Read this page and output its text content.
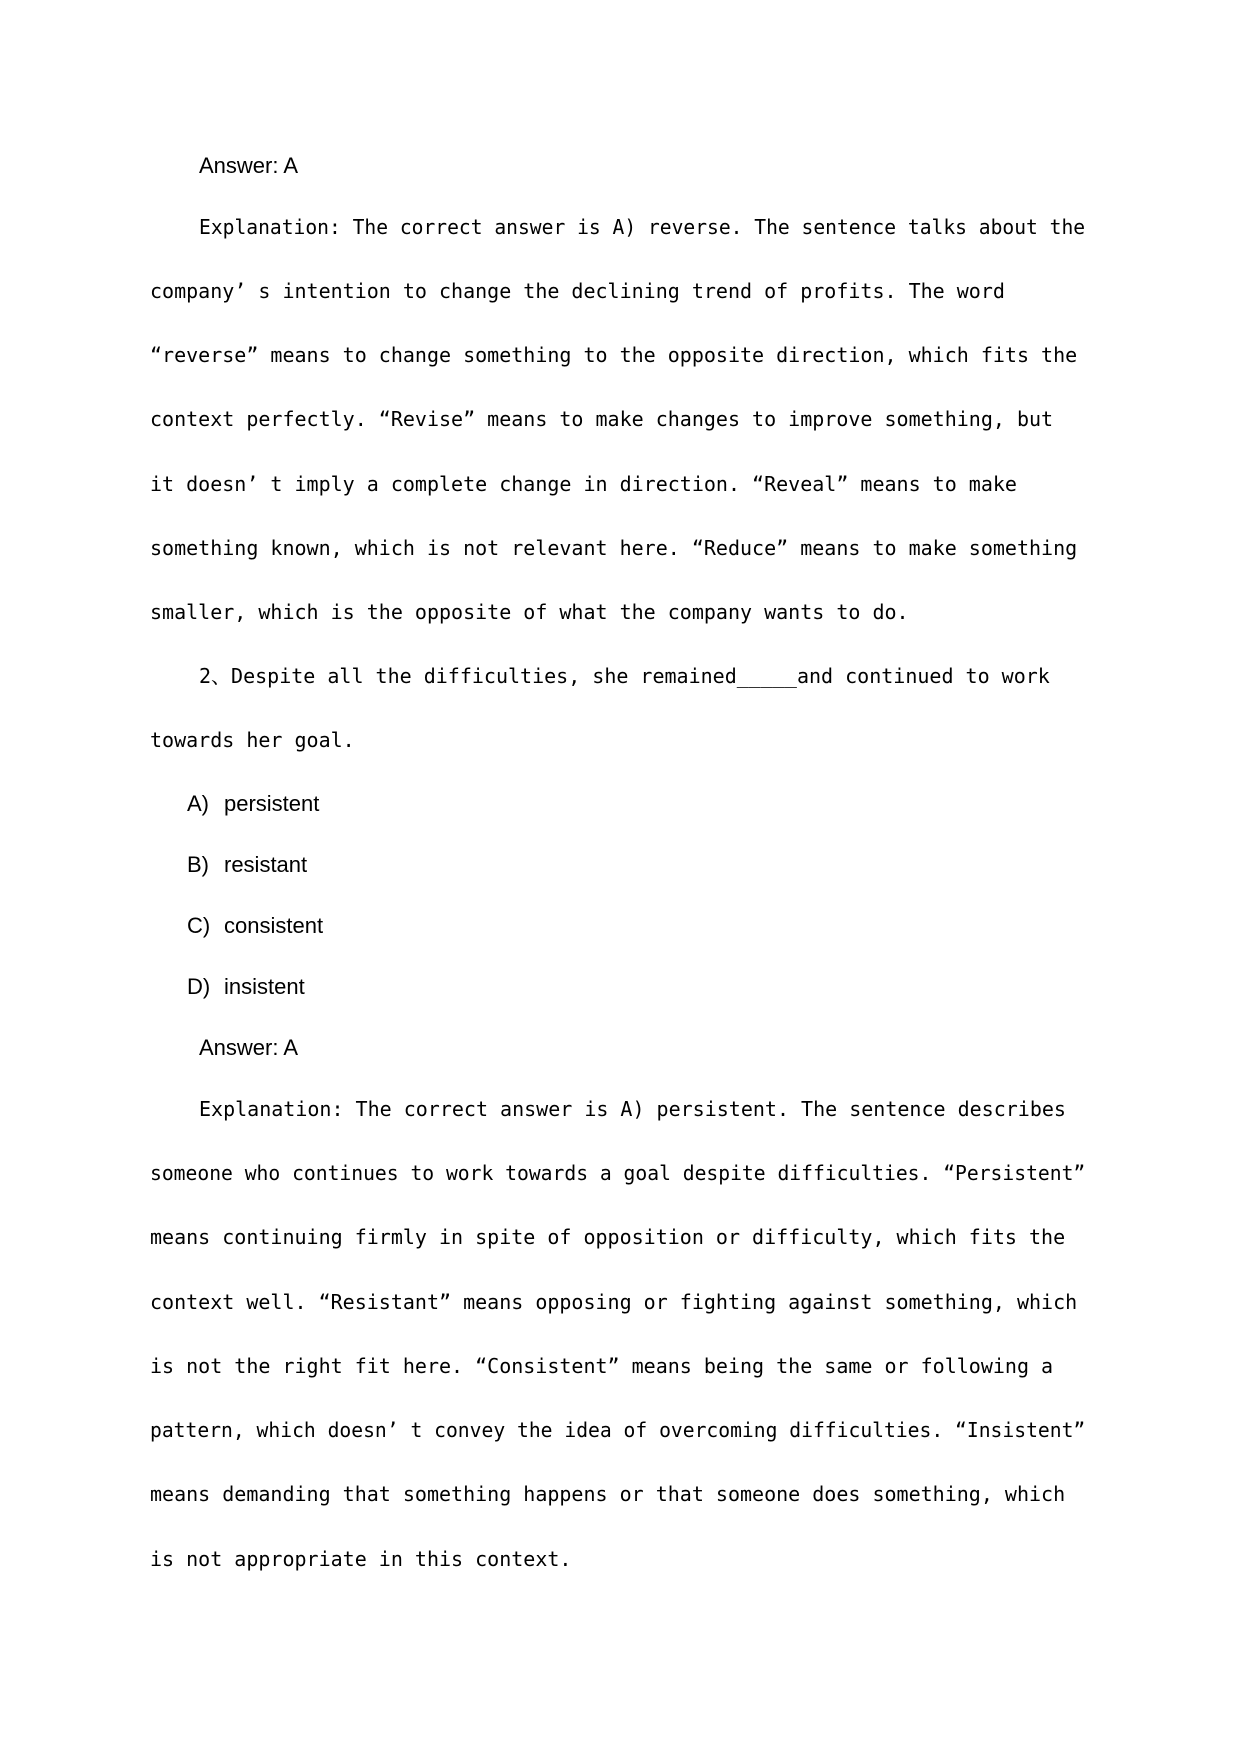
Answer: A
Explanation: The correct answer is A) reverse. The sentence talks about the
company’ s intention to change the declining trend of profits. The word
“reverse” means to change something to the opposite direction, which fits the
context perfectly. “Revise” means to make changes to improve something, but
it doesn’ t imply a complete change in direction. “Reveal” means to make
something known, which is not relevant here. “Reduce” means to make something
smaller, which is the opposite of what the company wants to do.
2、Despite all the difficulties, she remained_____and continued to work
towards her goal.
A) persistent
B) resistant
C) consistent
D) insistent
Answer: A
Explanation: The correct answer is A) persistent. The sentence describes
someone who continues to work towards a goal despite difficulties. “Persistent”
means continuing firmly in spite of opposition or difficulty, which fits the
context well. “Resistant” means opposing or fighting against something, which
is not the right fit here. “Consistent” means being the same or following a
pattern, which doesn’ t convey the idea of overcoming difficulties. “Insistent”
means demanding that something happens or that someone does something, which
is not appropriate in this context.
